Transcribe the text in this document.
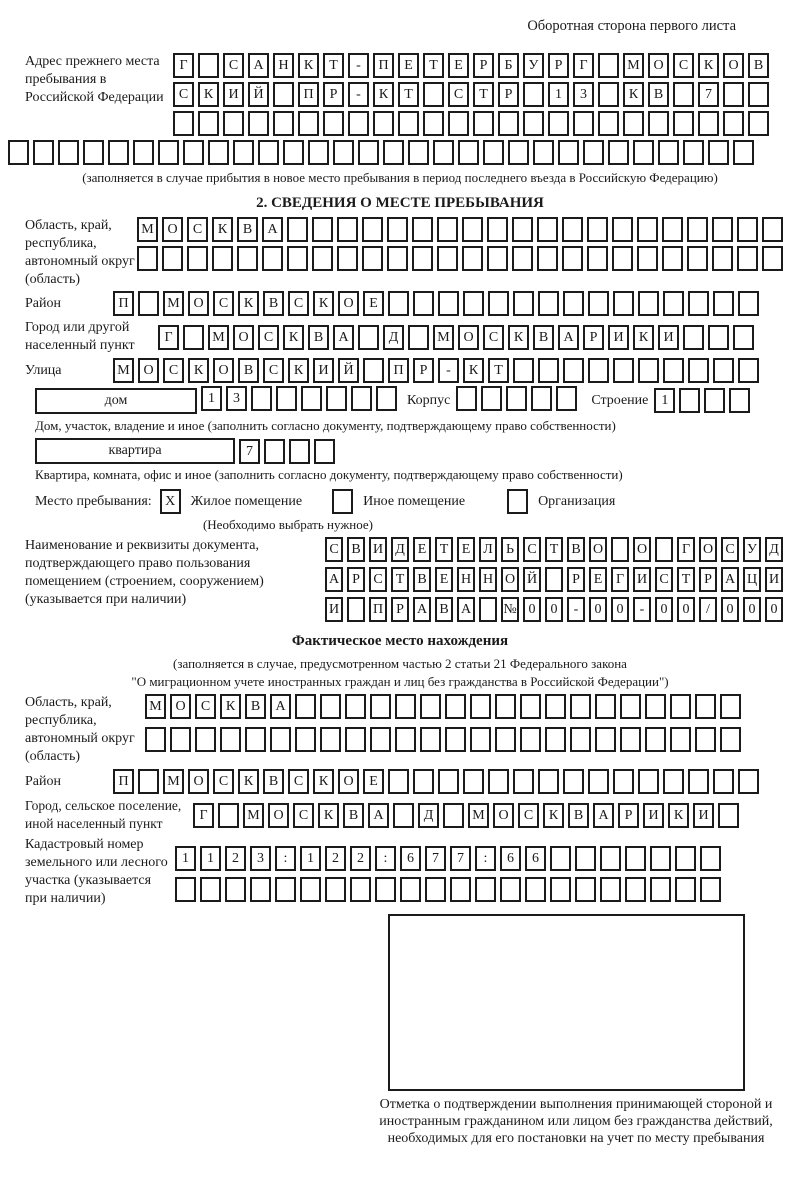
Оборотная сторона первого листа
Адрес прежнего места пребывания в Российской Федерации
Г	С	А	Н	К	Т	-	П	Е	Т	Е	Р	Б	У	Р	Г	М О	С	К	О	В
С	К	И	Й	П	Р	-	К	Т	С	Т	Р	1	3	К	В	7
(заполняется в случае прибытия в новое место пребывания в период последнего въезда в Российскую Федерацию)
2. СВЕДЕНИЯ О МЕСТЕ ПРЕБЫВАНИЯ
Область, край, республика, автономный округ (область)
М О	С	К	В	А
Район	П	М О	С	К	В	С	К	О	Е
Город или другой населенный пункт
Г	М О	С	К	В	А	Д	М О	С	К	В	А	Р	И	К	И
Улица	М О	С	К	О	В	С	К	И	Й	П	Р	-	К	Т
дом	1	3	Корпус	Строение 1
Дом, участок, владение и иное (заполнить согласно документу, подтверждающему право собственности)
квартира	7
Квартира, комната, офис и иное (заполнить согласно документу, подтверждающему право собственности)
Место пребывания: X	Жилое помещение	Иное помещение	Организация
(Необходимо выбрать нужное)
Наименование и реквизиты документа, подтверждающего право пользования помещением (строением, сооружением) (указывается при наличии)
С В И Д Е Т Е Л Ь С Т В О О	Г О С У Д
А Р С Т В Е Н Н О Й	Р Е Г И С Т Р А Ц И
И П Р А В А № 0	0	-	0	0	-	0	0	/	0	0	0
Фактическое место нахождения
(заполняется в случае, предусмотренном частью 2 статьи 21 Федерального закона
"О миграционном учете иностранных граждан и лиц без гражданства в Российской Федерации")
Область, край, республика, автономный округ (область)
М О	С	К	В	А
Район	П	М О	С	К	В	С	К	О	Е
Город, сельское поселение, иной населенный пункт
Г	М О	С	К	В	А	Д	М О	С	К	В	А	Р	И	К	И
Кадастровый номер земельного или лесного участка (указывается при наличии)
1	1	2	3	:	1	2	2	:	6	7	7	:	6	6
Отметка о подтверждении выполнения принимающей стороной и иностранным гражданином или лицом без гражданства действий, необходимых для его постановки на учет по месту пребывания
